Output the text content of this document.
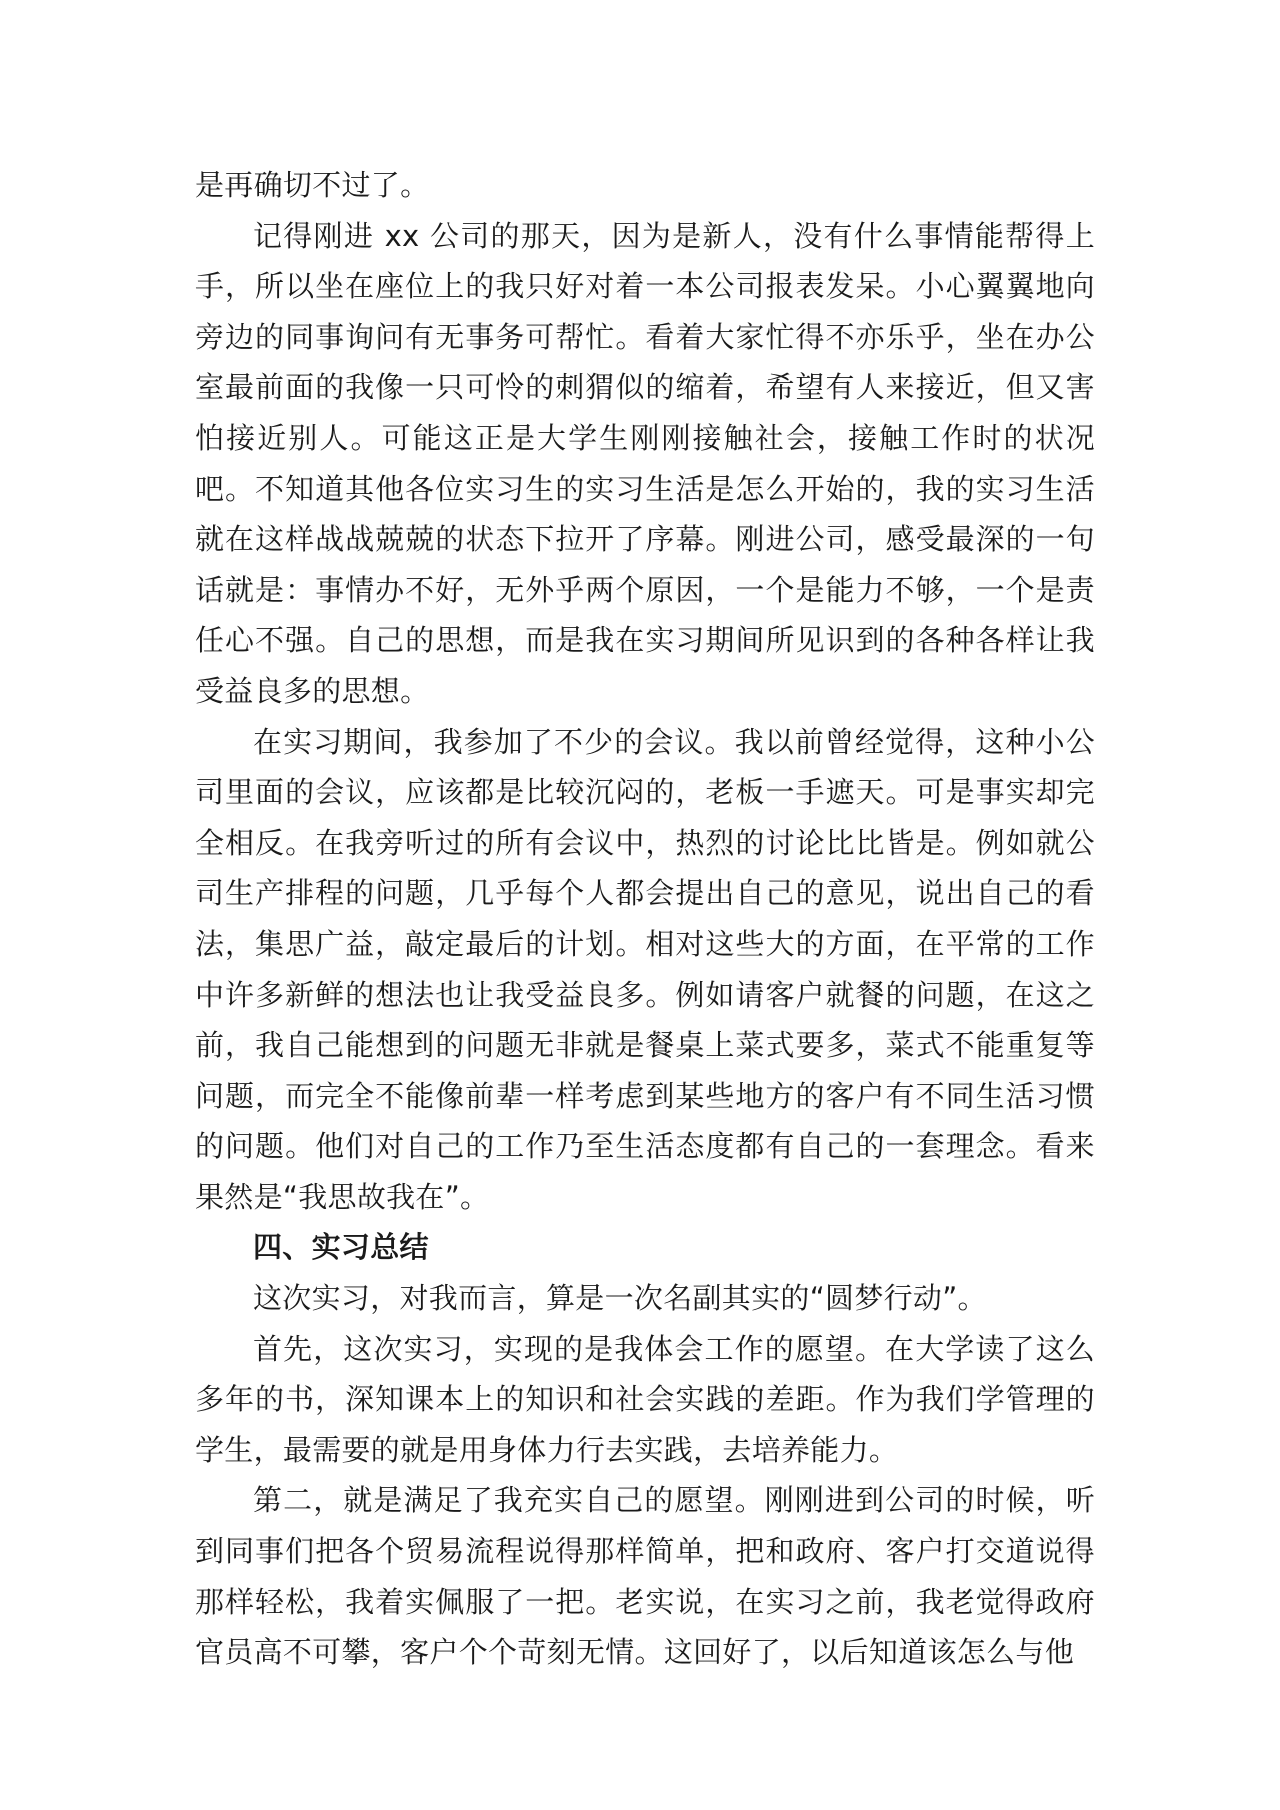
是再确切不过了。

记得刚进 xx 公司的那天，因为是新人，没有什么事情能帮得上手，所以坐在座位上的我只好对着一本公司报表发呆。小心翼翼地向旁边的同事询问有无事务可帮忙。看着大家忙得不亦乐乎，坐在办公室最前面的我像一只可怜的刺猬似的缩着，希望有人来接近，但又害怕接近别人。可能这正是大学生刚刚接触社会，接触工作时的状况吧。不知道其他各位实习生的实习生活是怎么开始的，我的实习生活就在这样战战兢兢的状态下拉开了序幕。刚进公司，感受最深的一句话就是：事情办不好，无外乎两个原因，一个是能力不够，一个是责任心不强。自己的思想，而是我在实习期间所见识到的各种各样让我受益良多的思想。

在实习期间，我参加了不少的会议。我以前曾经觉得，这种小公司里面的会议，应该都是比较沉闷的，老板一手遮天。可是事实却完全相反。在我旁听过的所有会议中，热烈的讨论比比皆是。例如就公司生产排程的问题，几乎每个人都会提出自己的意见，说出自己的看法，集思广益，敲定最后的计划。相对这些大的方面，在平常的工作中许多新鲜的想法也让我受益良多。例如请客户就餐的问题，在这之前，我自己能想到的问题无非就是餐桌上菜式要多，菜式不能重复等问题，而完全不能像前辈一样考虑到某些地方的客户有不同生活习惯的问题。他们对自己的工作乃至生活态度都有自己的一套理念。看来果然是“我思故我在”。

四、实习总结

这次实习，对我而言，算是一次名副其实的“圆梦行动”。

首先，这次实习，实现的是我体会工作的愿望。在大学读了这么多年的书，深知课本上的知识和社会实践的差距。作为我们学管理的学生，最需要的就是用身体力行去实践，去培养能力。

第二，就是满足了我充实自己的愿望。刚刚进到公司的时候，听到同事们把各个贸易流程说得那样简单，把和政府、客户打交道说得那样轻松，我着实佩服了一把。老实说，在实习之前，我老觉得政府官员高不可攀，客户个个苛刻无情。这回好了，以后知道该怎么与他
